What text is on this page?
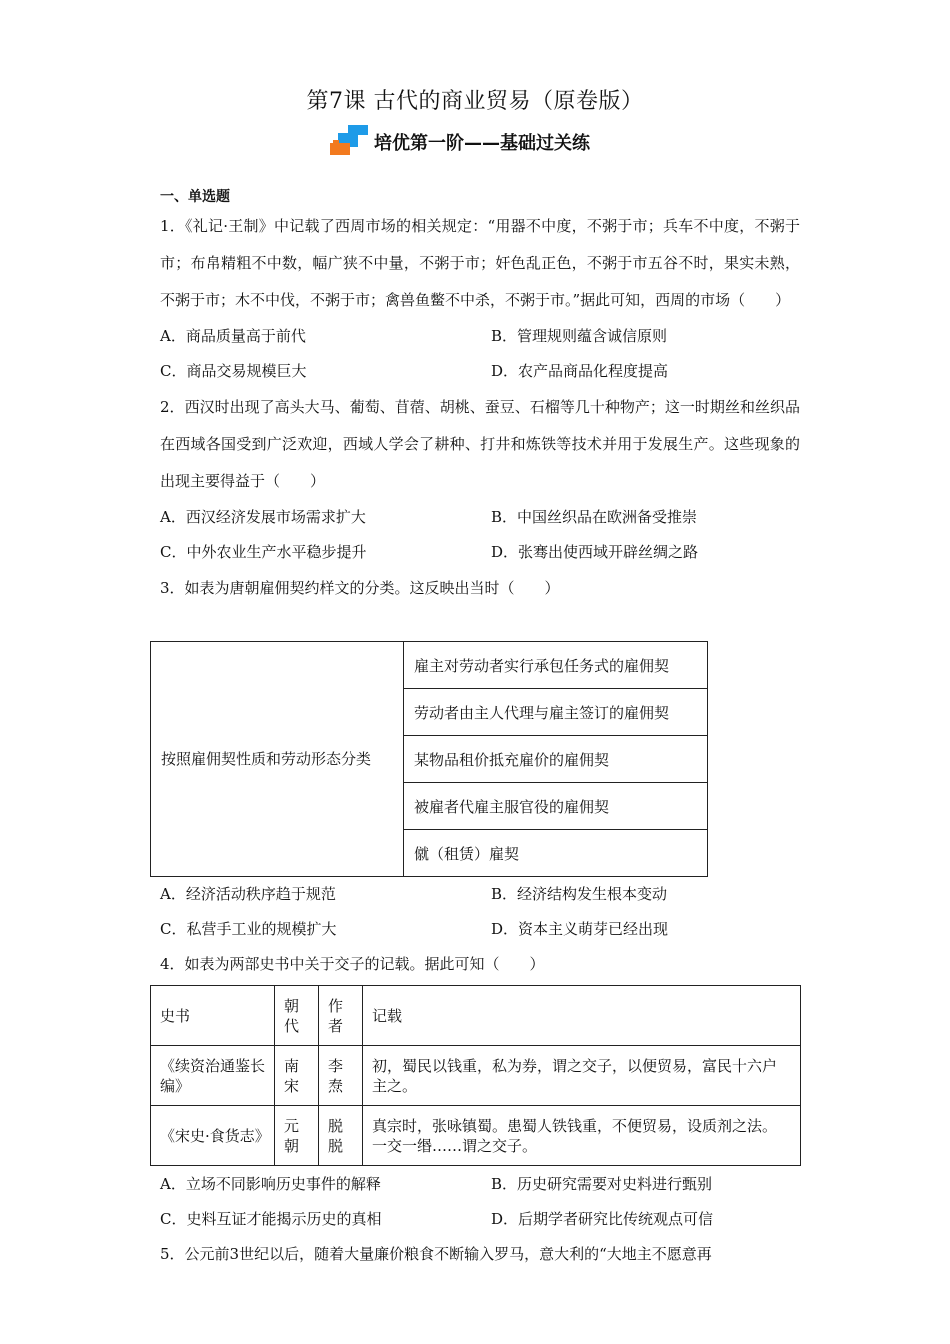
第7课 古代的商业贸易（原卷版）
培优第一阶——基础过关练
一、单选题
1．《礼记·王制》中记载了西周市场的相关规定：“用器不中度，不粥于市；兵车不中度，不粥于市；布帛精粗不中数，幅广狭不中量，不粥于市；奸色乱正色，不粥于市五谷不时，果实未熟，不粥于市；木不中伐，不粥于市；禽兽鱼鳖不中杀，不粥于市。”据此可知，西周的市场（　　）
A．商品质量高于前代	B．管理规则蕴含诚信原则
C．商品交易规模巨大	D．农产品商品化程度提高
2．西汉时出现了高头大马、葡萄、苜蓿、胡桃、蚕豆、石榴等几十种物产；这一时期丝和丝织品在西域各国受到广泛欢迎，西域人学会了耕种、打井和炼铁等技术并用于发展生产。这些现象的出现主要得益于（　　）
A．西汉经济发展市场需求扩大	B．中国丝织品在欧洲备受推崇
C．中外农业生产水平稳步提升	D．张骞出使西域开辟丝绸之路
3．如表为唐朝雇佣契约样文的分类。这反映出当时（　　）
按照雇佣契性质和劳动形态分类	雇主对劳动者实行承包任务式的雇佣契
劳动者由主人代理与雇主签订的雇佣契
某物品租价抵充雇价的雇佣契
被雇者代雇主服官役的雇佣契
僦（租赁）雇契
A．经济活动秩序趋于规范	B．经济结构发生根本变动
C．私营手工业的规模扩大	D．资本主义萌芽已经出现
4．如表为两部史书中关于交子的记载。据此可知（　　）
史书	朝代	作者	记载
《续资治通鉴长编》	南宋	李焘	初，蜀民以钱重，私为券，谓之交子，以便贸易，富民十六户主之。
《宋史·食货志》	元朝	脱脱	真宗时，张咏镇蜀。患蜀人铁钱重，不便贸易，设质剂之法。一交一缗……谓之交子。
A．立场不同影响历史事件的解释	B．历史研究需要对史料进行甄别
C．史料互证才能揭示历史的真相	D．后期学者研究比传统观点可信
5．公元前3世纪以后，随着大量廉价粮食不断输入罗马，意大利的“大地主不愿意再
